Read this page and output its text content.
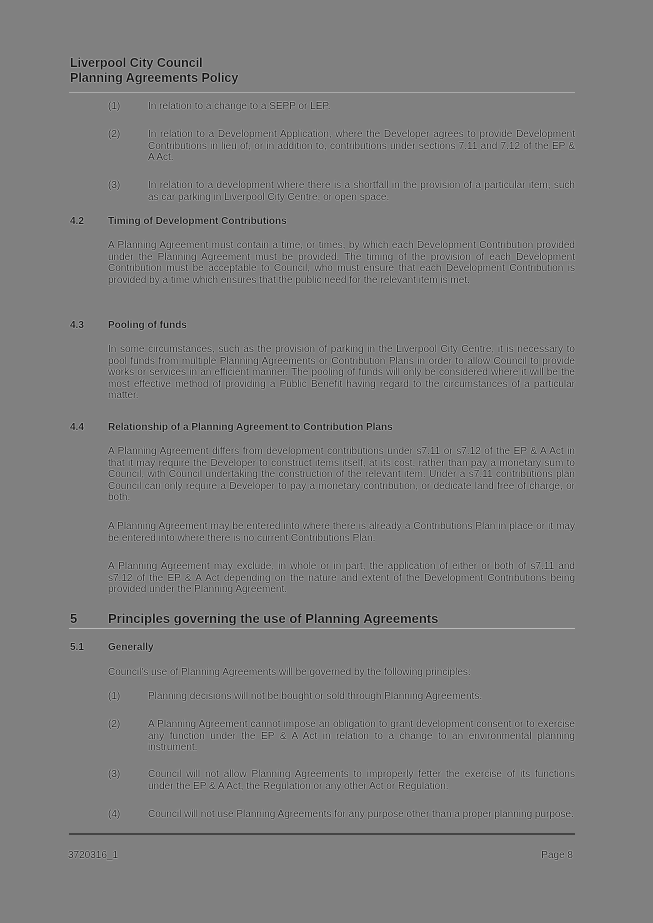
Liverpool City Council
Planning Agreements Policy
(1)	In relation to a change to a SEPP or LEP.
(2)	In relation to a Development Application, where the Developer agrees to provide Development Contributions in lieu of, or in addition to, contributions under sections 7.11 and 7.12 of the EP & A Act.
(3)	In relation to a development where there is a shortfall in the provision of a particular item, such as car parking in Liverpool City Centre, or open space.
4.2 Timing of Development Contributions
A Planning Agreement must contain a time, or times, by which each Development Contribution provided under the Planning Agreement must be provided. The timing of the provision of each Development Contribution must be acceptable to Council, who must ensure that each Development Contribution is provided by a time which ensures that the public need for the relevant item is met.
4.3 Pooling of funds
In some circumstances, such as the provision of parking in the Liverpool City Centre, it is necessary to pool funds from multiple Planning Agreements or Contribution Plans in order to allow Council to provide works or services in an efficient manner. The pooling of funds will only be considered where it will be the most effective method of providing a Public Benefit having regard to the circumstances of a particular matter.
4.4 Relationship of a Planning Agreement to Contribution Plans
A Planning Agreement differs from development contributions under s7.11 or s7.12 of the EP & A Act in that it may require the Developer to construct items itself, at its cost, rather than pay a monetary sum to Council, with Council undertaking the construction of the relevant item. Under a s7.11 contributions plan Council can only require a Developer to pay a monetary contribution, or dedicate land free of charge, or both.
A Planning Agreement may be entered into where there is already a Contributions Plan in place or it may be entered into where there is no current Contributions Plan.
A Planning Agreement may exclude, in whole or in part, the application of either or both of s7.11 and s7.12 of the EP & A Act depending on the nature and extent of the Development Contributions being provided under the Planning Agreement.
5 Principles governing the use of Planning Agreements
5.1 Generally
Council's use of Planning Agreements will be governed by the following principles:
(1)	Planning decisions will not be bought or sold through Planning Agreements.
(2)	A Planning Agreement cannot impose an obligation to grant development consent or to exercise any function under the EP & A Act in relation to a change to an environmental planning instrument.
(3)	Council will not allow Planning Agreements to improperly fetter the exercise of its functions under the EP & A Act, the Regulation or any other Act or Regulation.
(4)	Council will not use Planning Agreements for any purpose other than a proper planning purpose.
3720316_1	Page 8
